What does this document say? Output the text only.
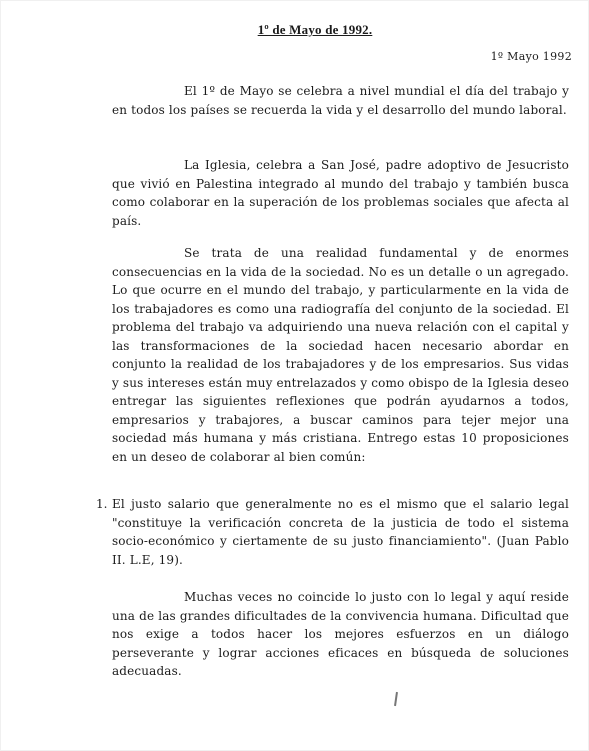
1º de Mayo de 1992.
1º Mayo 1992
El 1º de Mayo se celebra a nivel mundial el día del trabajo y en todos los países se recuerda la vida y el desarrollo del mundo laboral.
La Iglesia, celebra a San José, padre adoptivo de Jesucristo que vivió en Palestina integrado al mundo del trabajo y también busca como colaborar en la superación de los problemas sociales que afecta al país.
Se trata de una realidad fundamental y de enormes consecuencias en la vida de la sociedad. No es un detalle o un agregado. Lo que ocurre en el mundo del trabajo, y particularmente en la vida de los trabajadores es como una radiografía del conjunto de la sociedad. El problema del trabajo va adquiriendo una nueva relación con el capital y las transformaciones de la sociedad hacen necesario abordar en conjunto la realidad de los trabajadores y de los empresarios. Sus vidas y sus intereses están muy entrelazados y como obispo de la Iglesia deseo entregar las siguientes reflexiones que podrán ayudarnos a todos, empresarios y trabajores, a buscar caminos para tejer mejor una sociedad más humana y más cristiana. Entrego estas 10 proposiciones en un deseo de colaborar al bien común:
1. El justo salario que generalmente no es el mismo que el salario legal "constituye la verificación concreta de la justicia de todo el sistema socio-económico y ciertamente de su justo financiamiento". (Juan Pablo II. L.E, 19).
Muchas veces no coincide lo justo con lo legal y aquí reside una de las grandes dificultades de la convivencia humana. Dificultad que nos exige a todos hacer los mejores esfuerzos en un diálogo perseverante y lograr acciones eficaces en búsqueda de soluciones adecuadas.
